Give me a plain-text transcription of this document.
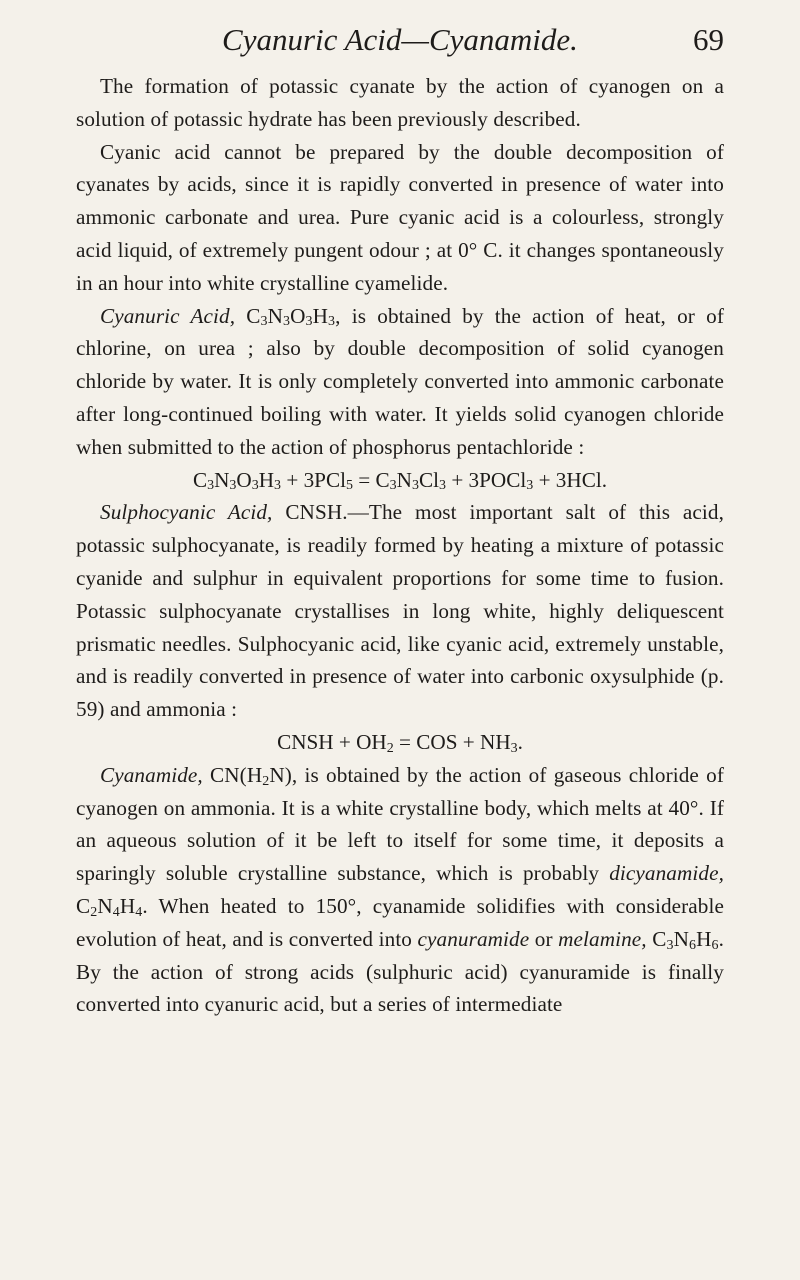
Cyanuric Acid—Cyanamide.	69

The formation of potassic cyanate by the action of cyanogen on a solution of potassic hydrate has been previously described.

Cyanic acid cannot be prepared by the double decomposition of cyanates by acids, since it is rapidly converted in presence of water into ammonic carbonate and urea. Pure cyanic acid is a colourless, strongly acid liquid, of extremely pungent odour ; at 0° C. it changes spontaneously in an hour into white crystalline cyamelide.

Cyanuric Acid, $C_3N_3O_3H_3$, is obtained by the action of heat, or of chlorine, on urea ; also by double decomposition of solid cyanogen chloride by water. It is only completely converted into ammonic carbonate after long-continued boiling with water. It yields solid cyanogen chloride when submitted to the action of phosphorus pentachloride :

$C_3N_3O_3H_3 + 3PCl_5 = C_3N_3Cl_3$ + 3POCl$_3$ + 3HCl.

Sulphocyanic Acid, CNSH.—The most important salt of this acid, potassic sulphocyanate, is readily formed by heating a mixture of potassic cyanide and sulphur in equivalent proportions for some time to fusion. Potassic sulphocyanate crystallises in long white, highly deliquescent prismatic needles. Sulphocyanic acid, like cyanic acid, extremely unstable, and is readily converted in presence of water into carbonic oxysulphide (p. 59) and ammonia :

CNSH + $OH_2$ = COS + $NH_3$.

Cyanamide, $CN(H_2N)$, is obtained by the action of gaseous chloride of cyanogen on ammonia. It is a white crystalline body, which melts at 40°. If an aqueous solution of it be left to itself for some time, it deposits a sparingly soluble crystalline substance, which is probably dicyanamide, $C_2N_4H_4$. When heated to 150°, cyanamide solidifies with considerable evolution of heat, and is converted into cyanuramide or melamine, $C_3N_6H_6$. By the action of strong acids (sulphuric acid) cyanuramide is finally converted into cyanuric acid, but a series of intermediate
